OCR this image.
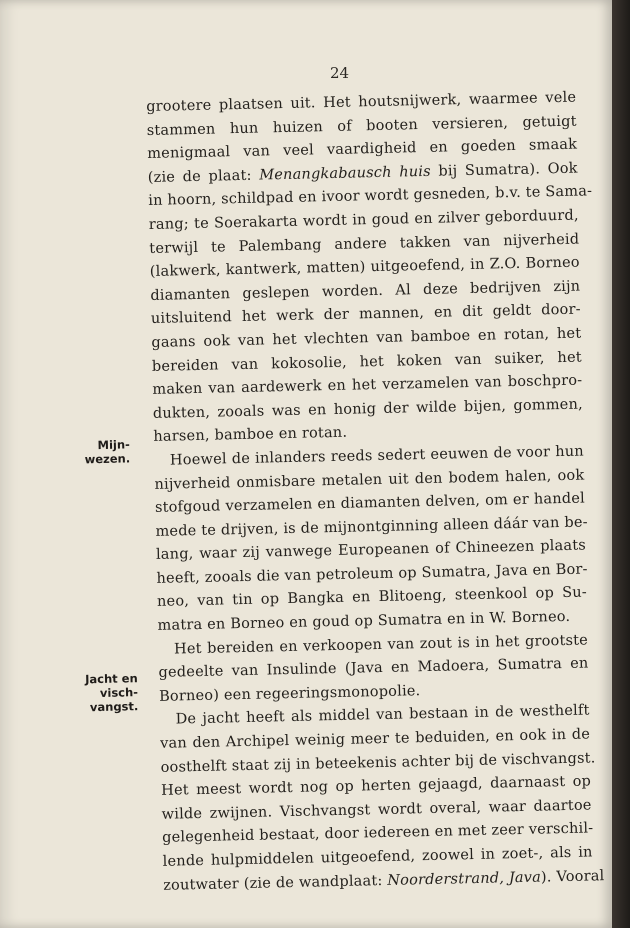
24
Mijn-
wezen.
Jacht en
visch-
vangst.
grootere plaatsen uit. Het houtsnijwerk, waarmee vele
stammen hun huizen of booten versieren, getuigt
menigmaal van veel vaardigheid en goeden smaak
(zie de plaat: Menangkabausch huis bij Sumatra). Ook
in hoorn, schildpad en ivoor wordt gesneden, b.v. te Sama-
rang; te Soerakarta wordt in goud en zilver geborduurd,
terwijl te Palembang andere takken van nijverheid
(lakwerk, kantwerk, matten) uitgeoefend, in Z.O. Borneo
diamanten geslepen worden. Al deze bedrijven zijn
uitsluitend het werk der mannen, en dit geldt door-
gaans ook van het vlechten van bamboe en rotan, het
bereiden van kokosolie, het koken van suiker, het
maken van aardewerk en het verzamelen van boschpro-
dukten, zooals was en honig der wilde bijen, gommen,
harsen, bamboe en rotan.
Hoewel de inlanders reeds sedert eeuwen de voor hun
nijverheid onmisbare metalen uit den bodem halen, ook
stofgoud verzamelen en diamanten delven, om er handel
mede te drijven, is de mijnontginning alleen dáár van be-
lang, waar zij vanwege Europeanen of Chineezen plaats
heeft, zooals die van petroleum op Sumatra, Java en Bor-
neo, van tin op Bangka en Blitoeng, steenkool op Su-
matra en Borneo en goud op Sumatra en in W. Borneo.
Het bereiden en verkoopen van zout is in het grootste
gedeelte van Insulinde (Java en Madoera, Sumatra en
Borneo) een regeeringsmonopolie.
De jacht heeft als middel van bestaan in de westhelft
van den Archipel weinig meer te beduiden, en ook in de
oosthelft staat zij in beteekenis achter bij de vischvangst.
Het meest wordt nog op herten gejaagd, daarnaast op
wilde zwijnen. Vischvangst wordt overal, waar daartoe
gelegenheid bestaat, door iedereen en met zeer verschil-
lende hulpmiddelen uitgeoefend, zoowel in zoet-, als in
zoutwater (zie de wandplaat: Noorderstrand, Java). Vooral
